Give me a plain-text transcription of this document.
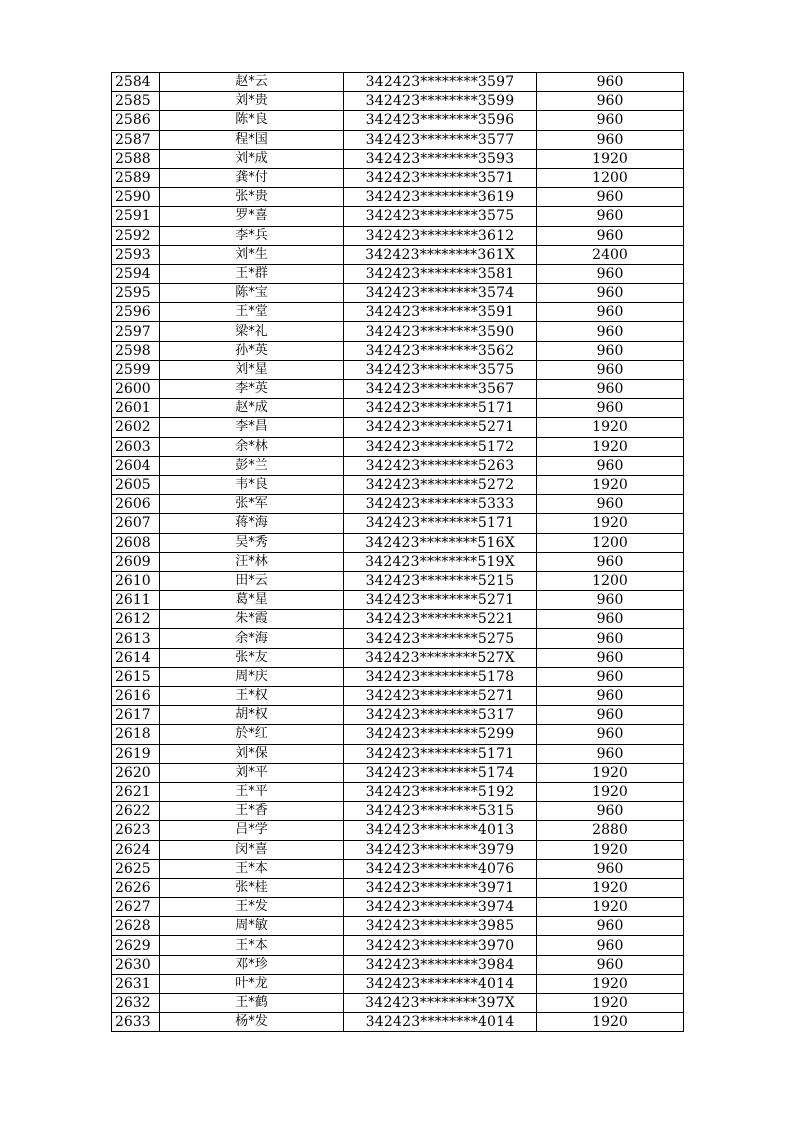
2584	赵*云	342423********3597	960
2585	刘*贵	342423********3599	960
2586	陈*良	342423********3596	960
2587	程*国	342423********3577	960
2588	刘*成	342423********3593	1920
2589	龚*付	342423********3571	1200
2590	张*贵	342423********3619	960
2591	罗*喜	342423********3575	960
2592	李*兵	342423********3612	960
2593	刘*生	342423********361X	2400
2594	王*群	342423********3581	960
2595	陈*宝	342423********3574	960
2596	王*堂	342423********3591	960
2597	梁*礼	342423********3590	960
2598	孙*英	342423********3562	960
2599	刘*星	342423********3575	960
2600	李*英	342423********3567	960
2601	赵*成	342423********5171	960
2602	李*昌	342423********5271	1920
2603	余*林	342423********5172	1920
2604	彭*兰	342423********5263	960
2605	韦*良	342423********5272	1920
2606	张*军	342423********5333	960
2607	蒋*海	342423********5171	1920
2608	吴*秀	342423********516X	1200
2609	汪*林	342423********519X	960
2610	田*云	342423********5215	1200
2611	葛*星	342423********5271	960
2612	朱*霞	342423********5221	960
2613	余*海	342423********5275	960
2614	张*友	342423********527X	960
2615	周*庆	342423********5178	960
2616	王*权	342423********5271	960
2617	胡*权	342423********5317	960
2618	於*红	342423********5299	960
2619	刘*保	342423********5171	960
2620	刘*平	342423********5174	1920
2621	王*平	342423********5192	1920
2622	王*香	342423********5315	960
2623	吕*学	342423********4013	2880
2624	闵*喜	342423********3979	1920
2625	王*本	342423********4076	960
2626	张*桂	342423********3971	1920
2627	王*发	342423********3974	1920
2628	周*敏	342423********3985	960
2629	王*本	342423********3970	960
2630	邓*珍	342423********3984	960
2631	叶*龙	342423********4014	1920
2632	王*鹤	342423********397X	1920
2633	杨*发	342423********4014	1920
